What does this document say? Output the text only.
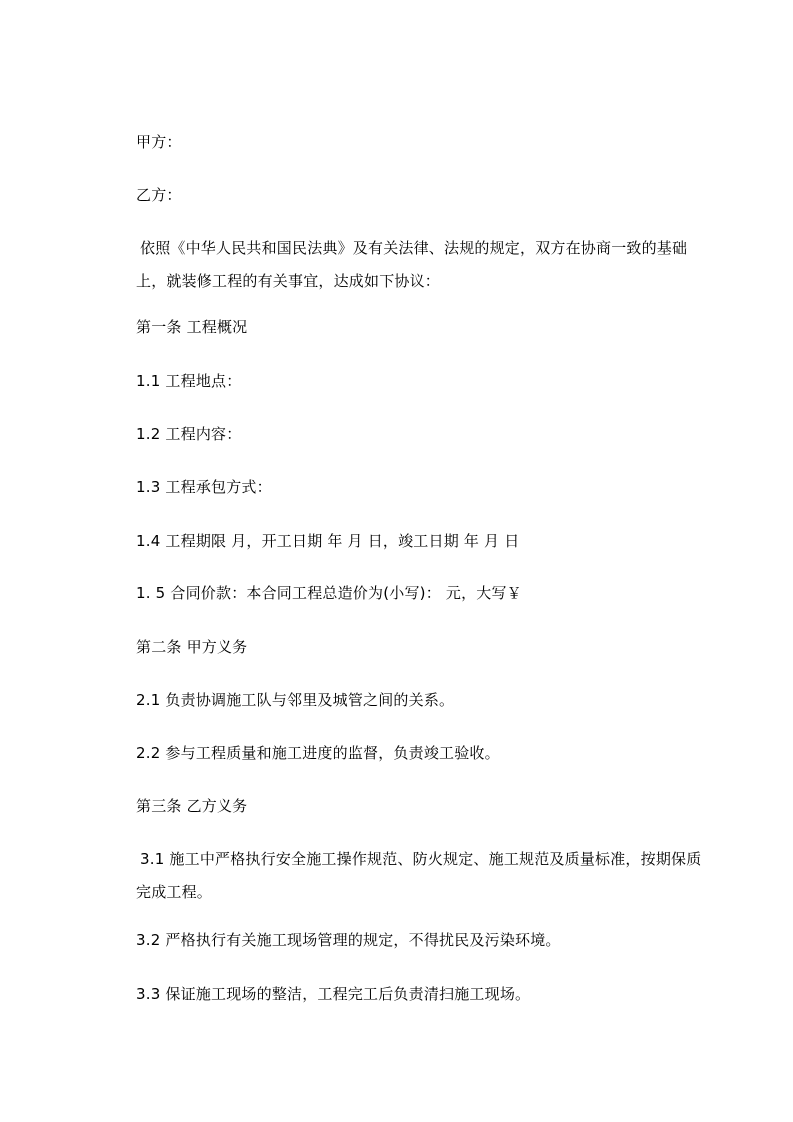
甲方：
乙方：
依照《中华人民共和国民法典》及有关法律、法规的规定，双方在协商一致的基础上，就装修工程的有关事宜，达成如下协议：
第一条 工程概况
1.1 工程地点：
1.2 工程内容：
1.3 工程承包方式：
1.4 工程期限 月，开工日期 年 月 日，竣工日期 年 月 日
1. 5 合同价款：本合同工程总造价为(小写)： 元，大写￥
第二条 甲方义务
2.1 负责协调施工队与邻里及城管之间的关系。
2.2 参与工程质量和施工进度的监督，负责竣工验收。
第三条 乙方义务
3.1 施工中严格执行安全施工操作规范、防火规定、施工规范及质量标准，按期保质完成工程。
3.2 严格执行有关施工现场管理的规定，不得扰民及污染环境。
3.3 保证施工现场的整洁，工程完工后负责清扫施工现场。
